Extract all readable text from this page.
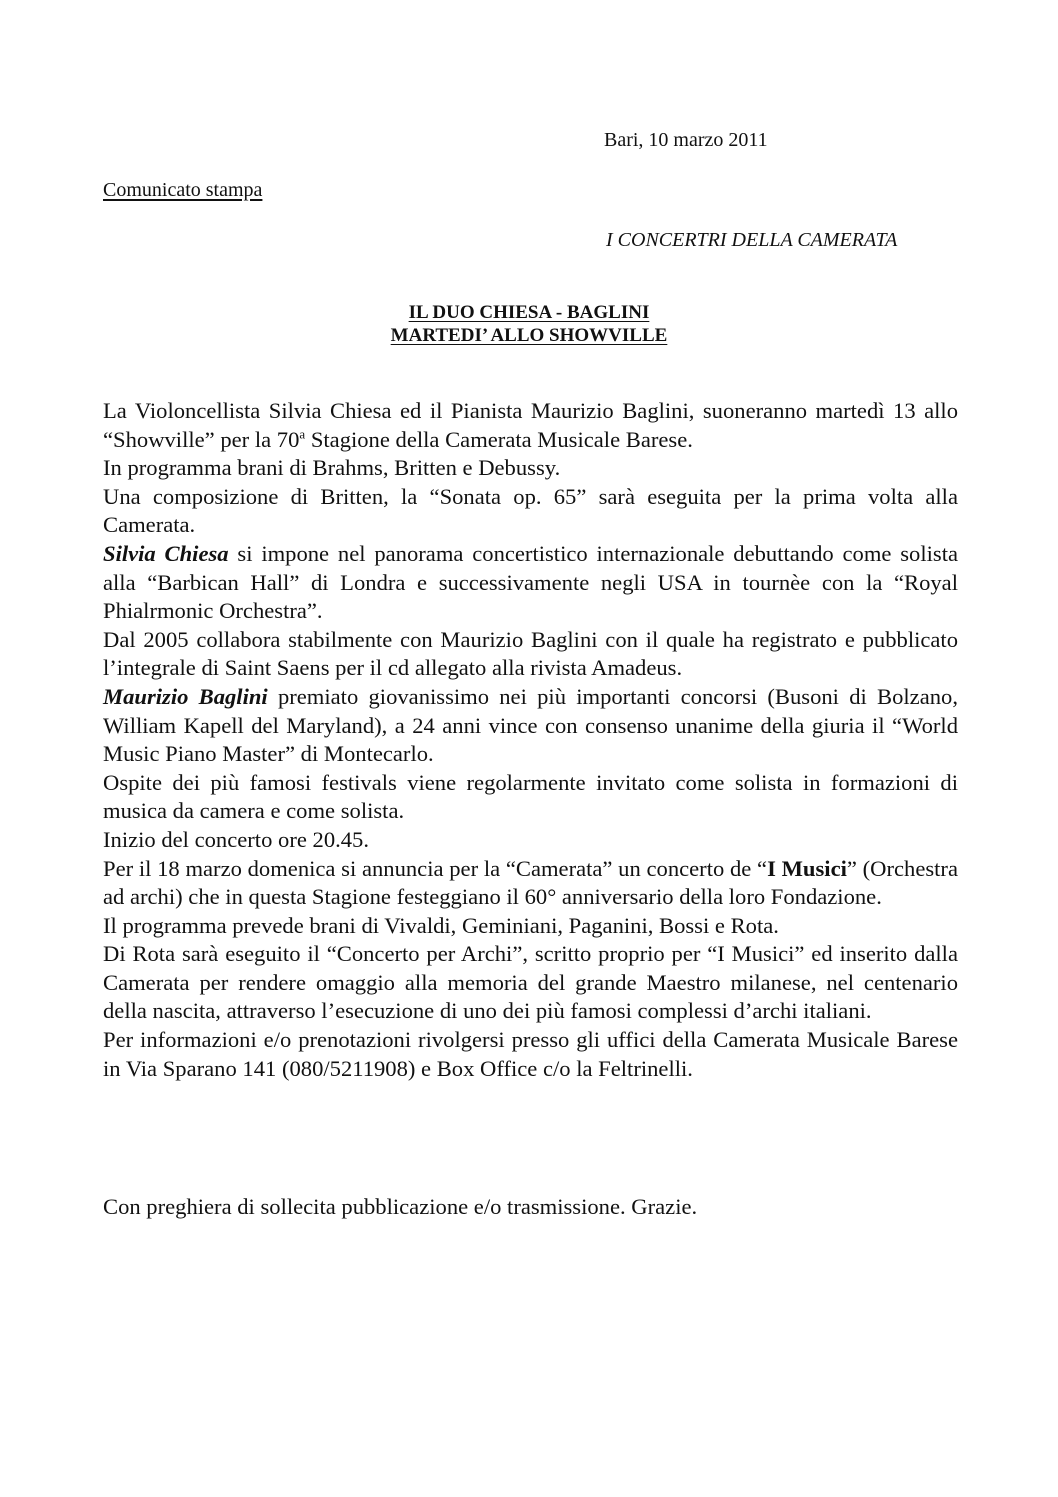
Bari, 10 marzo 2011
Comunicato stampa
I CONCERTRI DELLA CAMERATA
IL DUO CHIESA - BAGLINI
MARTEDI’ ALLO SHOWVILLE

La Violoncellista Silvia Chiesa ed il Pianista Maurizio Baglini, suoneranno martedì 13 allo “Showville” per la 70$^a$ Stagione della Camerata Musicale Barese.

In programma brani di Brahms, Britten e Debussy.

Una composizione di Britten, la “Sonata op. 65” sarà eseguita per la prima volta alla Camerata.

Silvia Chiesa si impone nel panorama concertistico internazionale debuttando come solista alla “Barbican Hall” di Londra e successivamente negli USA in tournèe con la “Royal Phialrmonic Orchestra”.

Dal 2005 collabora stabilmente con Maurizio Baglini con il quale ha registrato e pubblicato l’integrale di Saint Saens per il cd allegato alla rivista Amadeus.

Maurizio Baglini premiato giovanissimo nei più importanti concorsi (Busoni di Bolzano, William Kapell del Maryland), a 24 anni vince con consenso unanime della giuria il “World Music Piano Master” di Montecarlo.

Ospite dei più famosi festivals viene regolarmente invitato come solista in formazioni di musica da camera e come solista.

Inizio del concerto ore 20.45.

Per il 18 marzo domenica si annuncia per la “Camerata” un concerto de “I Musici” (Orchestra ad archi) che in questa Stagione festeggiano il 60° anniversario della loro Fondazione.

Il programma prevede brani di Vivaldi, Geminiani, Paganini, Bossi e Rota.

Di Rota sarà eseguito il “Concerto per Archi”, scritto proprio per “I Musici” ed inserito dalla Camerata per rendere omaggio alla memoria del grande Maestro milanese, nel centenario della nascita, attraverso l’esecuzione di uno dei più famosi complessi d’archi italiani.

Per informazioni e/o prenotazioni rivolgersi presso gli uffici della Camerata Musicale Barese in Via Sparano 141 (080/5211908) e Box Office c/o la Feltrinelli.

Con preghiera di sollecita pubblicazione e/o trasmissione. Grazie.
